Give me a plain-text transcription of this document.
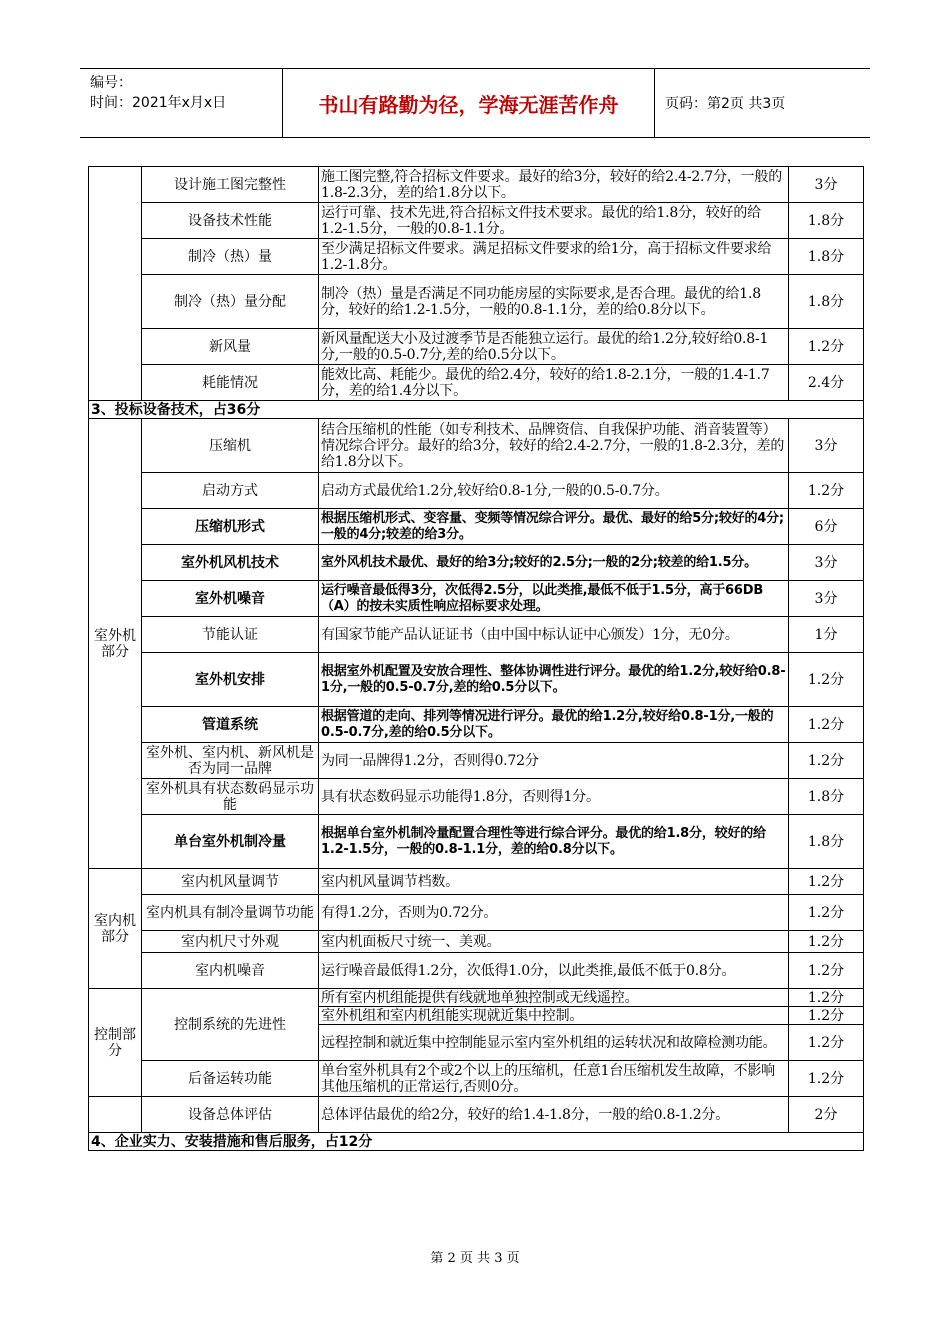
编号：
时间：2021年x月x日	书山有路勤为径，学海无涯苦作舟	页码：第2页 共3页
	设计施工图完整性	施工图完整,符合招标文件要求。最好的给3分，较好的给2.4-2.7分，一般的1.8-2.3分，差的给1.8分以下。	3分
	设备技术性能	运行可靠、技术先进,符合招标文件技术要求。最优的给1.8分，较好的给1.2-1.5分，一般的0.8-1.1分。	1.8分
	制冷（热）量	至少满足招标文件要求。满足招标文件要求的给1分，高于招标文件要求给1.2-1.8分。	1.8分
	制冷（热）量分配	制冷（热）量是否满足不同功能房屋的实际要求,是否合理。最优的给1.8分，较好的给1.2-1.5分，一般的0.8-1.1分，差的给0.8分以下。	1.8分
	新风量	新风量配送大小及过渡季节是否能独立运行。最优的给1.2分,较好给0.8-1分,一般的0.5-0.7分,差的给0.5分以下。	1.2分
	耗能情况	能效比高、耗能少。最优的给2.4分，较好的给1.8-2.1分，一般的1.4-1.7分，差的给1.4分以下。	2.4分
3、投标设备技术，占36分			
室外机部分	压缩机	结合压缩机的性能（如专利技术、品牌资信、自我保护功能、消音装置等）情况综合评分。最好的给3分，较好的给2.4-2.7分，一般的1.8-2.3分，差的给1.8分以下。	3分
	启动方式	启动方式最优给1.2分,较好给0.8-1分,一般的0.5-0.7分。	1.2分
	压缩机形式	根据压缩机形式、变容量、变频等情况综合评分。最优、最好的给5分;较好的4分;一般的4分;较差的给3分。	6分
	室外机风机技术	室外风机技术最优、最好的给3分;较好的2.5分;一般的2分;较差的给1.5分。	3分
	室外机噪音	运行噪音最低得3分，次低得2.5分，以此类推,最低不低于1.5分，高于66DB（A）的按未实质性响应招标要求处理。	3分
	节能认证	有国家节能产品认证证书（由中国中标认证中心颁发）1分，无0分。	1分
	室外机安排	根据室外机配置及安放合理性、整体协调性进行评分。最优的给1.2分,较好给0.8-1分,一般的0.5-0.7分,差的给0.5分以下。	1.2分
	管道系统	根据管道的走向、排列等情况进行评分。最优的给1.2分,较好给0.8-1分,一般的0.5-0.7分,差的给0.5分以下。	1.2分
	室外机、室内机、新风机是否为同一品牌	为同一品牌得1.2分，否则得0.72分	1.2分
	室外机具有状态数码显示功能	具有状态数码显示功能得1.8分，否则得1分。	1.8分
	单台室外机制冷量	根据单台室外机制冷量配置合理性等进行综合评分。最优的给1.8分，较好的给1.2-1.5分，一般的0.8-1.1分，差的给0.8分以下。	1.8分
室内机部分	室内机风量调节	室内机风量调节档数。	1.2分
	室内机具有制冷量调节功能	有得1.2分，否则为0.72分。	1.2分
	室内机尺寸外观	室内机面板尺寸统一、美观。	1.2分
	室内机噪音	运行噪音最低得1.2分，次低得1.0分，以此类推,最低不低于0.8分。	1.2分
控制部分	控制系统的先进性	所有室内机组能提供有线就地单独控制或无线遥控。	1.2分
		室外机组和室内机组能实现就近集中控制。	1.2分
		远程控制和就近集中控制能显示室内室外机组的运转状况和故障检测功能。	1.2分
	后备运转功能	单台室外机具有2个或2个以上的压缩机，任意1台压缩机发生故障，不影响其他压缩机的正常运行,否则0分。	1.2分
	设备总体评估	总体评估最优的给2分，较好的给1.4-1.8分，一般的给0.8-1.2分。	2分
4、企业实力、安装措施和售后服务，占12分			
第 2 页 共 3 页
